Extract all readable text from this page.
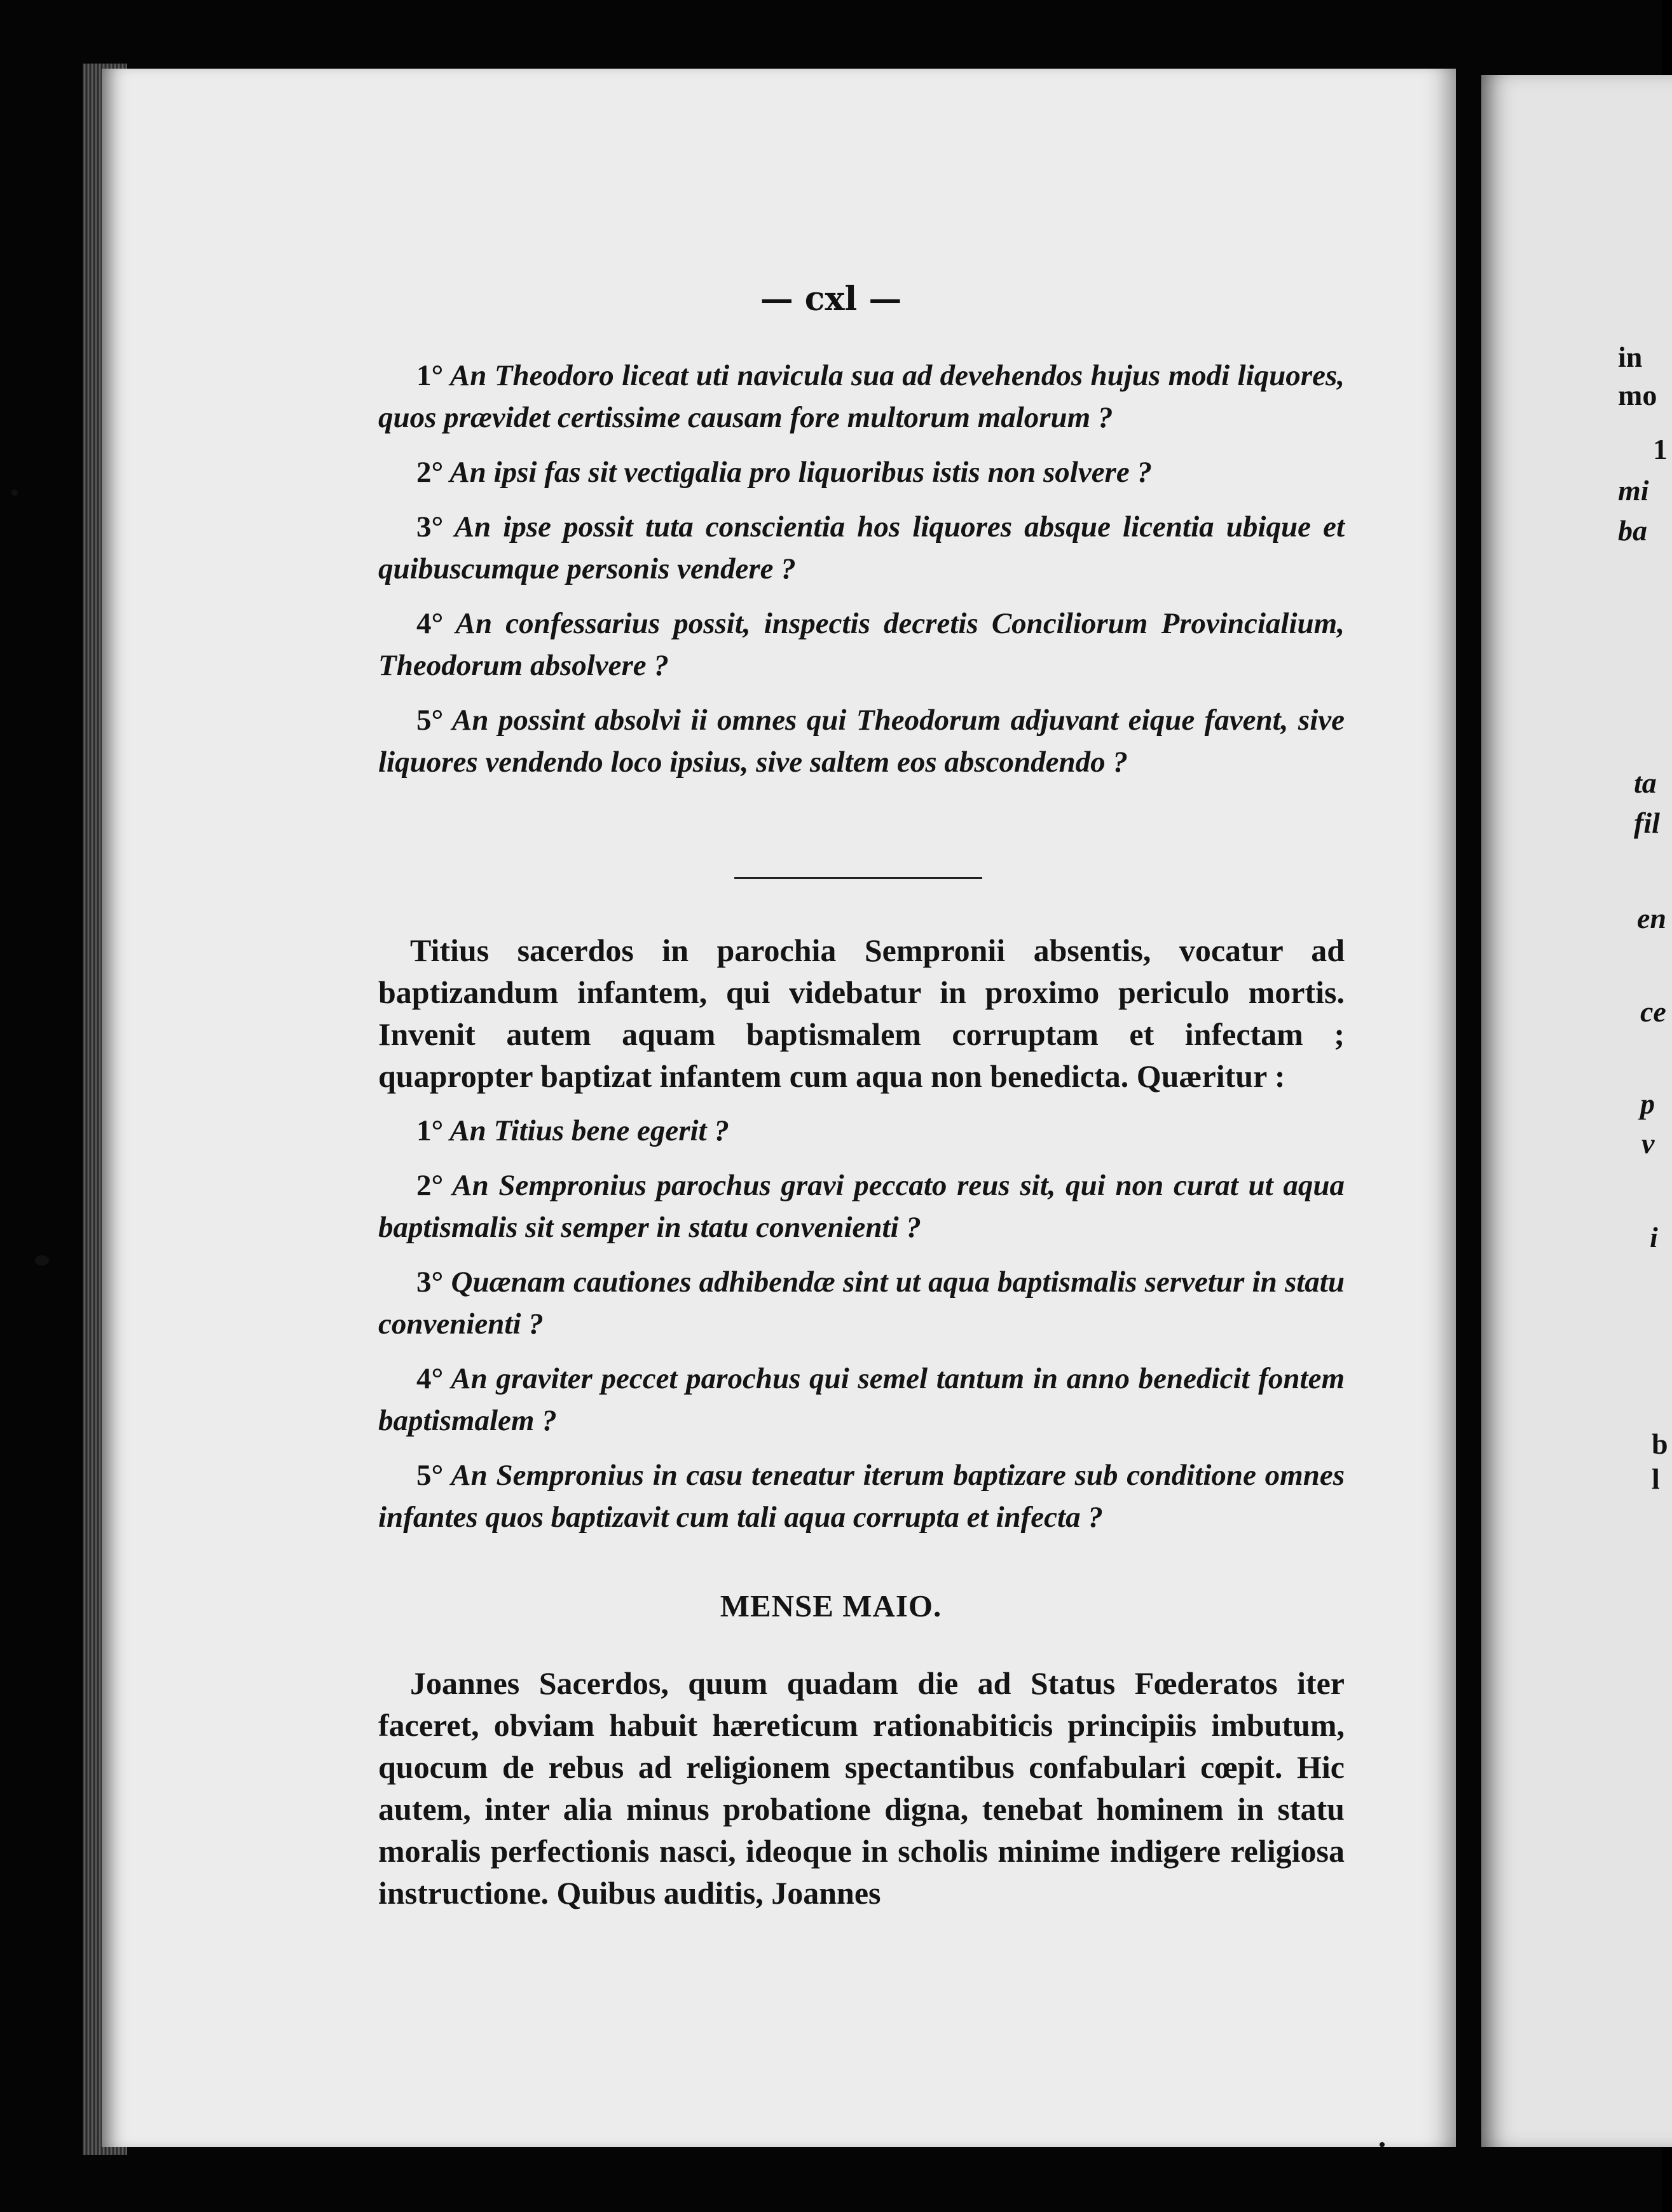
in
mo
1
mi
ba
ta
fil
en
ce
p
v
i
b
l
— cxl —

1° An Theodoro liceat uti navicula sua ad devehendos hujus modi liquores, quos prævidet certissime causam fore multorum malorum ?

2° An ipsi fas sit vectigalia pro liquoribus istis non solvere ?

3° An ipse possit tuta conscientia hos liquores absque licentia ubique et quibuscumque personis vendere ?

4° An confessarius possit, inspectis decretis Conciliorum Provincialium, Theodorum absolvere ?

5° An possint absolvi ii omnes qui Theodorum adjuvant eique favent, sive liquores vendendo loco ipsius, sive saltem eos abscondendo ?

Titius sacerdos in parochia Sempronii absentis, vocatur ad baptizandum infantem, qui videbatur in proximo periculo mortis. Invenit autem aquam baptismalem corruptam et infectam ; quapropter baptizat infantem cum aqua non benedicta. Quæritur :

1° An Titius bene egerit ?

2° An Sempronius parochus gravi peccato reus sit, qui non curat ut aqua baptismalis sit semper in statu convenienti ?

3° Quænam cautiones adhibendæ sint ut aqua baptismalis servetur in statu convenienti ?

4° An graviter peccet parochus qui semel tantum in anno benedicit fontem baptismalem ?

5° An Sempronius in casu teneatur iterum baptizare sub conditione omnes infantes quos baptizavit cum tali aqua corrupta et infecta ?

MENSE MAIO.

Joannes Sacerdos, quum quadam die ad Status Fœderatos iter faceret, obviam habuit hæreticum rationabiticis principiis imbutum, quocum de rebus ad religionem spectantibus confabulari cœpit. Hic autem, inter alia minus probatione digna, tenebat hominem in statu moralis perfectionis nasci, ideoque in scholis minime indigere religiosa instructione. Quibus auditis, Joannes
